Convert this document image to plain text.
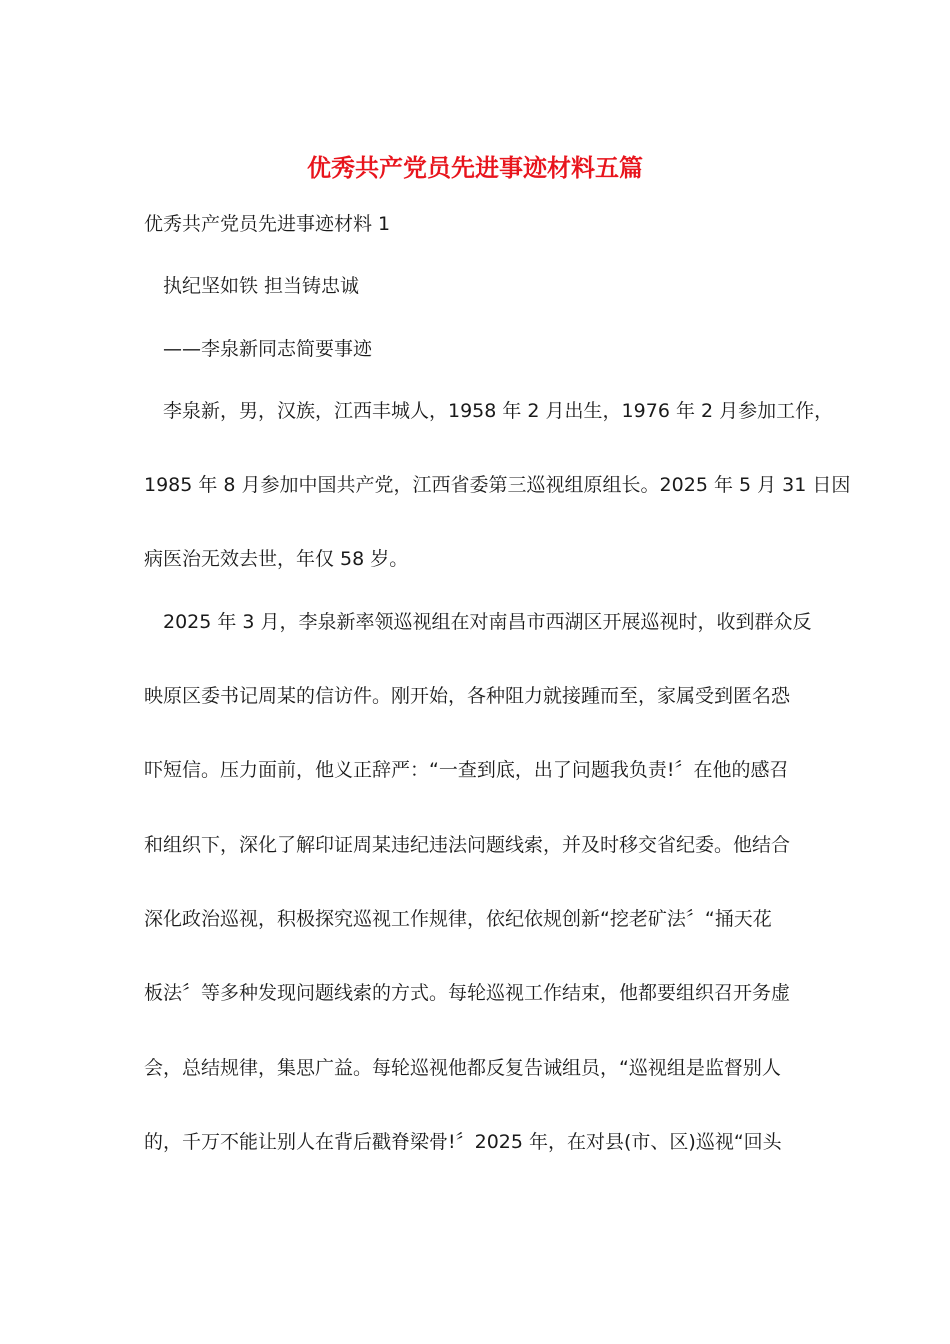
优秀共产党员先进事迹材料五篇

优秀共产党员先进事迹材料 1

执纪坚如铁 担当铸忠诚

——李泉新同志简要事迹

李泉新，男，汉族，江西丰城人，1958 年 2 月出生，1976 年 2 月参加工作，

1985 年 8 月参加中国共产党，江西省委第三巡视组原组长。2025 年 5 月 31 日因

病医治无效去世，年仅 58 岁。

2025 年 3 月，李泉新率领巡视组在对南昌市西湖区开展巡视时，收到群众反

映原区委书记周某的信访件。刚开始，各种阻力就接踵而至，家属受到匿名恐

吓短信。压力面前，他义正辞严：“一查到底，出了问题我负责!〞在他的感召

和组织下，深化了解印证周某违纪违法问题线索，并及时移交省纪委。他结合

深化政治巡视，积极探究巡视工作规律，依纪依规创新“挖老矿法〞“捅天花

板法〞等多种发现问题线索的方式。每轮巡视工作结束，他都要组织召开务虚

会，总结规律，集思广益。每轮巡视他都反复告诫组员，“巡视组是监督别人

的，千万不能让别人在背后戳脊梁骨!〞2025 年，在对县(市、区)巡视“回头
